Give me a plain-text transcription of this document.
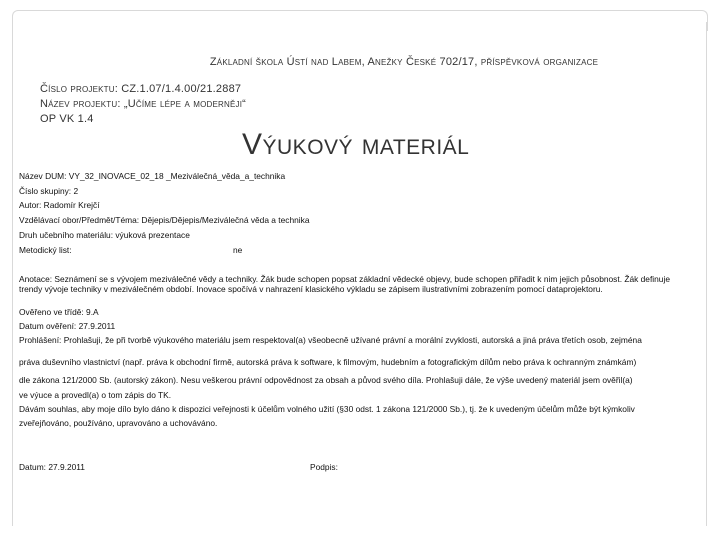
Základní škola Ústí nad Labem, Anežky České 702/17, příspěvková organizace
Číslo projektu: CZ.1.07/1.4.00/21.2887
Název projektu: „Učíme lépe a moderněji“
OP VK 1.4
Výukový materiál
Název DUM: VY_32_INOVACE_02_18 _Meziválečná_věda_a_technika
Číslo skupiny: 2
Autor: Radomír Krejčí
Vzdělávací obor/Předmět/Téma: Dějepis/Dějepis/Meziválečná věda a technika
Druh učebního materiálu: výuková prezentace
Metodický list:	ne
Anotace: Seznámení se s vývojem meziválečné vědy a techniky. Žák bude schopen popsat základní vědecké objevy, bude schopen přiřadit k nim jejich působnost. Žák definuje trendy vývoje techniky v meziválečném období. Inovace spočívá v nahrazení klasického výkladu se zápisem ilustrativními zobrazením pomocí dataprojektoru.
Ověřeno ve třídě: 9.A
Datum ověření: 27.9.2011
Prohlášení: Prohlašuji, že při tvorbě výukového materiálu jsem respektoval(a) všeobecně užívané právní a morální zvyklosti, autorská a jiná práva třetích osob, zejména
práva duševního vlastnictví (např. práva k obchodní firmě, autorská práva k software, k filmovým, hudebním a fotografickým dílům nebo práva k ochranným známkám)
dle zákona 121/2000 Sb. (autorský zákon). Nesu veškerou právní odpovědnost za obsah a původ svého díla. Prohlašuji dále, že výše uvedený materiál jsem ověřil(a)
ve výuce a provedl(a) o tom zápis do TK.
Dávám souhlas, aby moje dílo bylo dáno k dispozici veřejnosti k účelům volného užití (§30 odst. 1 zákona 121/2000 Sb.), tj. že k uvedeným účelům může být kýmkoliv
zveřejňováno, používáno, upravováno a uchováváno.
Datum: 27.9.2011	Podpis:
